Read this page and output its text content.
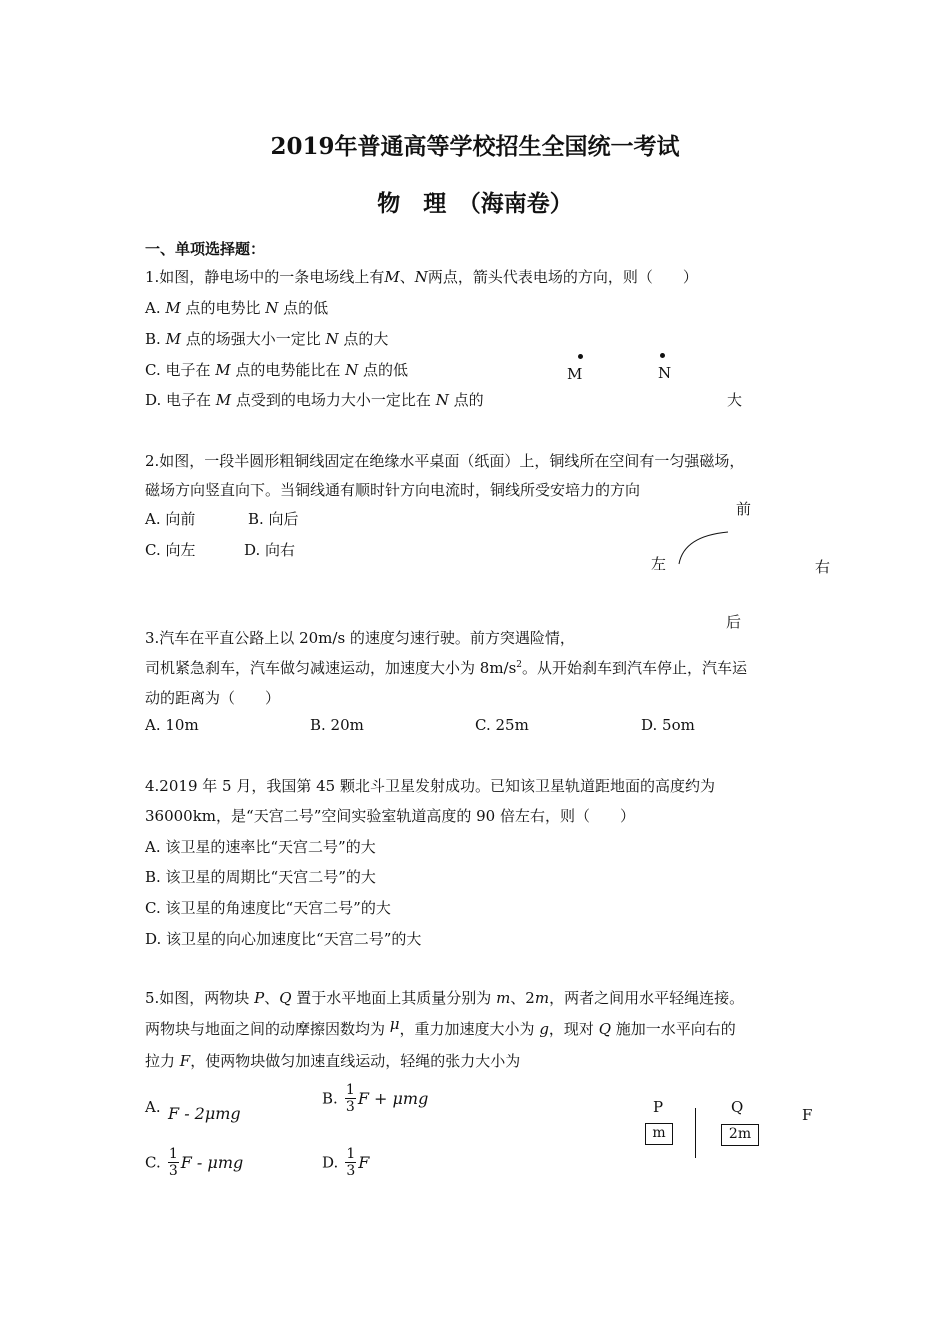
2019年普通高等学校招生全国统一考试
物　理　（海南卷）
一、单项选择题：
1.如图，静电场中的一条电场线上有M、N两点，箭头代表电场的方向，则（　　）
A. M 点的电势比 N 点的低
B. M 点的场强大小一定比 N 点的大
C. 电子在 M 点的电势能比在 N 点的低
D. 电子在 M 点受到的电场力大小一定比在 N 点的	大
M	N
2.如图，一段半圆形粗铜线固定在绝缘水平桌面（纸面）上，铜线所在空间有一匀强磁场，
磁场方向竖直向下。当铜线通有顺时针方向电流时，铜线所受安培力的方向
A. 向前	B. 向后
C. 向左	D. 向右
前
左	右
后
3.汽车在平直公路上以 20m/s 的速度匀速行驶。前方突遇险情，
司机紧急刹车，汽车做匀减速运动，加速度大小为 $8m/s^2$。从开始刹车到汽车停止，汽车运
动的距离为（　　）
A. 10m	B. 20m	C. 25m	D. 5om
4.2019 年 5 月，我国第 45 颗北斗卫星发射成功。已知该卫星轨道距地面的高度约为
36000km，是“天宫二号”空间实验室轨道高度的 90 倍左右，则（　　）
A. 该卫星的速率比“天宫二号”的大
B. 该卫星的周期比“天宫二号”的大
C. 该卫星的角速度比“天宫二号”的大
D. 该卫星的向心加速度比“天宫二号”的大
5.如图，两物块 P、Q 置于水平地面上其质量分别为 m、2m，两者之间用水平轻绳连接。
两物块与地面之间的动摩擦因数均为 μ，重力加速度大小为 g，现对 Q 施加一水平向右的
拉力 F，使两物块做匀加速直线运动，轻绳的张力大小为
A. F - 2μmg
B. $\frac{1}{3}$ F + μmg
C. $\frac{1}{3}$ F - μmg	D. $\frac{1}{3}$ F
P	Q	F
m	2m
